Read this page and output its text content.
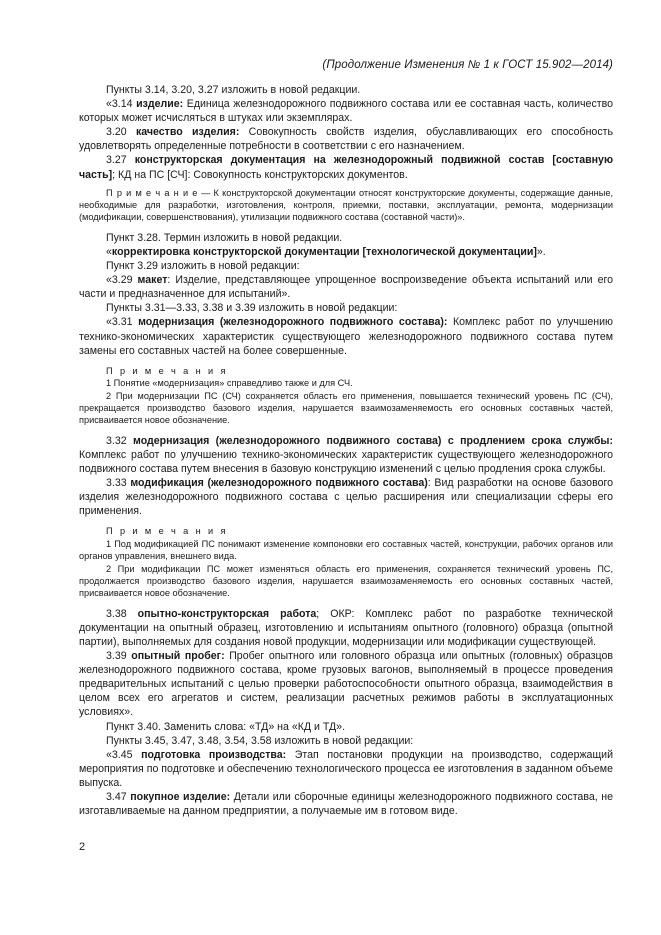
(Продолжение Изменения № 1 к ГОСТ 15.902—2014)

Пункты 3.14, 3.20, 3.27 изложить в новой редакции.

«3.14 изделие: Единица железнодорожного подвижного состава или ее составная часть, количество которых может исчисляться в штуках или экземплярах.

3.20 качество изделия: Совокупность свойств изделия, обуславливающих его способность удовлетворять определенные потребности в соответствии с его назначением.

3.27 конструкторская документация на железнодорожный подвижной состав [составную часть]; КД на ПС [СЧ]: Совокупность конструкторских документов.

П р и м е ч а н и е — К конструкторской документации относят конструкторские документы, содержащие данные, необходимые для разработки, изготовления, контроля, приемки, поставки, эксплуатации, ремонта, модернизации (модификации, совершенствования), утилизации подвижного состава (составной части)».

Пункт 3.28. Термин изложить в новой редакции.

«корректировка конструкторской документации [технологической документации]».

Пункт 3.29 изложить в новой редакции:

«3.29 макет: Изделие, представляющее упрощенное воспроизведение объекта испытаний или его части и предназначенное для испытаний».

Пункты 3.31—3.33, 3.38 и 3.39 изложить в новой редакции:

«3.31 модернизация (железнодорожного подвижного состава): Комплекс работ по улучшению технико-экономических характеристик существующего железнодорожного подвижного состава путем замены его составных частей на более совершенные.

П р и м е ч а н и я

1 Понятие «модернизация» справедливо также и для СЧ.

2 При модернизации ПС (СЧ) сохраняется область его применения, повышается технический уровень ПС (СЧ), прекращается производство базового изделия, нарушается взаимозаменяемость его основных составных частей, присваивается новое обозначение.

3.32 модернизация (железнодорожного подвижного состава) с продлением срока службы: Комплекс работ по улучшению технико-экономических характеристик существующего железнодорожного подвижного состава путем внесения в базовую конструкцию изменений с целью продления срока службы.

3.33 модификация (железнодорожного подвижного состава): Вид разработки на основе базового изделия железнодорожного подвижного состава с целью расширения или специализации сферы его применения.

П р и м е ч а н и я

1 Под модификацией ПС понимают изменение компоновки его составных частей, конструкции, рабочих органов или органов управления, внешнего вида.

2 При модификации ПС может изменяться область его применения, сохраняется технический уровень ПС, продолжается производство базового изделия, нарушается взаимозаменяемость его основных составных частей, присваивается новое обозначение.

3.38 опытно-конструкторская работа; ОКР: Комплекс работ по разработке технической документации на опытный образец, изготовлению и испытаниям опытного (головного) образца (опытной партии), выполняемых для создания новой продукции, модернизации или модификации существующей.

3.39 опытный пробег: Пробег опытного или головного образца или опытных (головных) образцов железнодорожного подвижного состава, кроме грузовых вагонов, выполняемый в процессе проведения предварительных испытаний с целью проверки работоспособности опытного образца, взаимодействия в целом всех его агрегатов и систем, реализации расчетных режимов работы в эксплуатационных условиях».

Пункт 3.40. Заменить слова: «ТД» на «КД и ТД».

Пункты 3.45, 3.47, 3.48, 3.54, 3.58 изложить в новой редакции:

«3.45 подготовка производства: Этап постановки продукции на производство, содержащий мероприятия по подготовке и обеспечению технологического процесса ее изготовления в заданном объеме выпуска.

3.47 покупное изделие: Детали или сборочные единицы железнодорожного подвижного состава, не изготавливаемые на данном предприятии, а получаемые им в готовом виде.

2
